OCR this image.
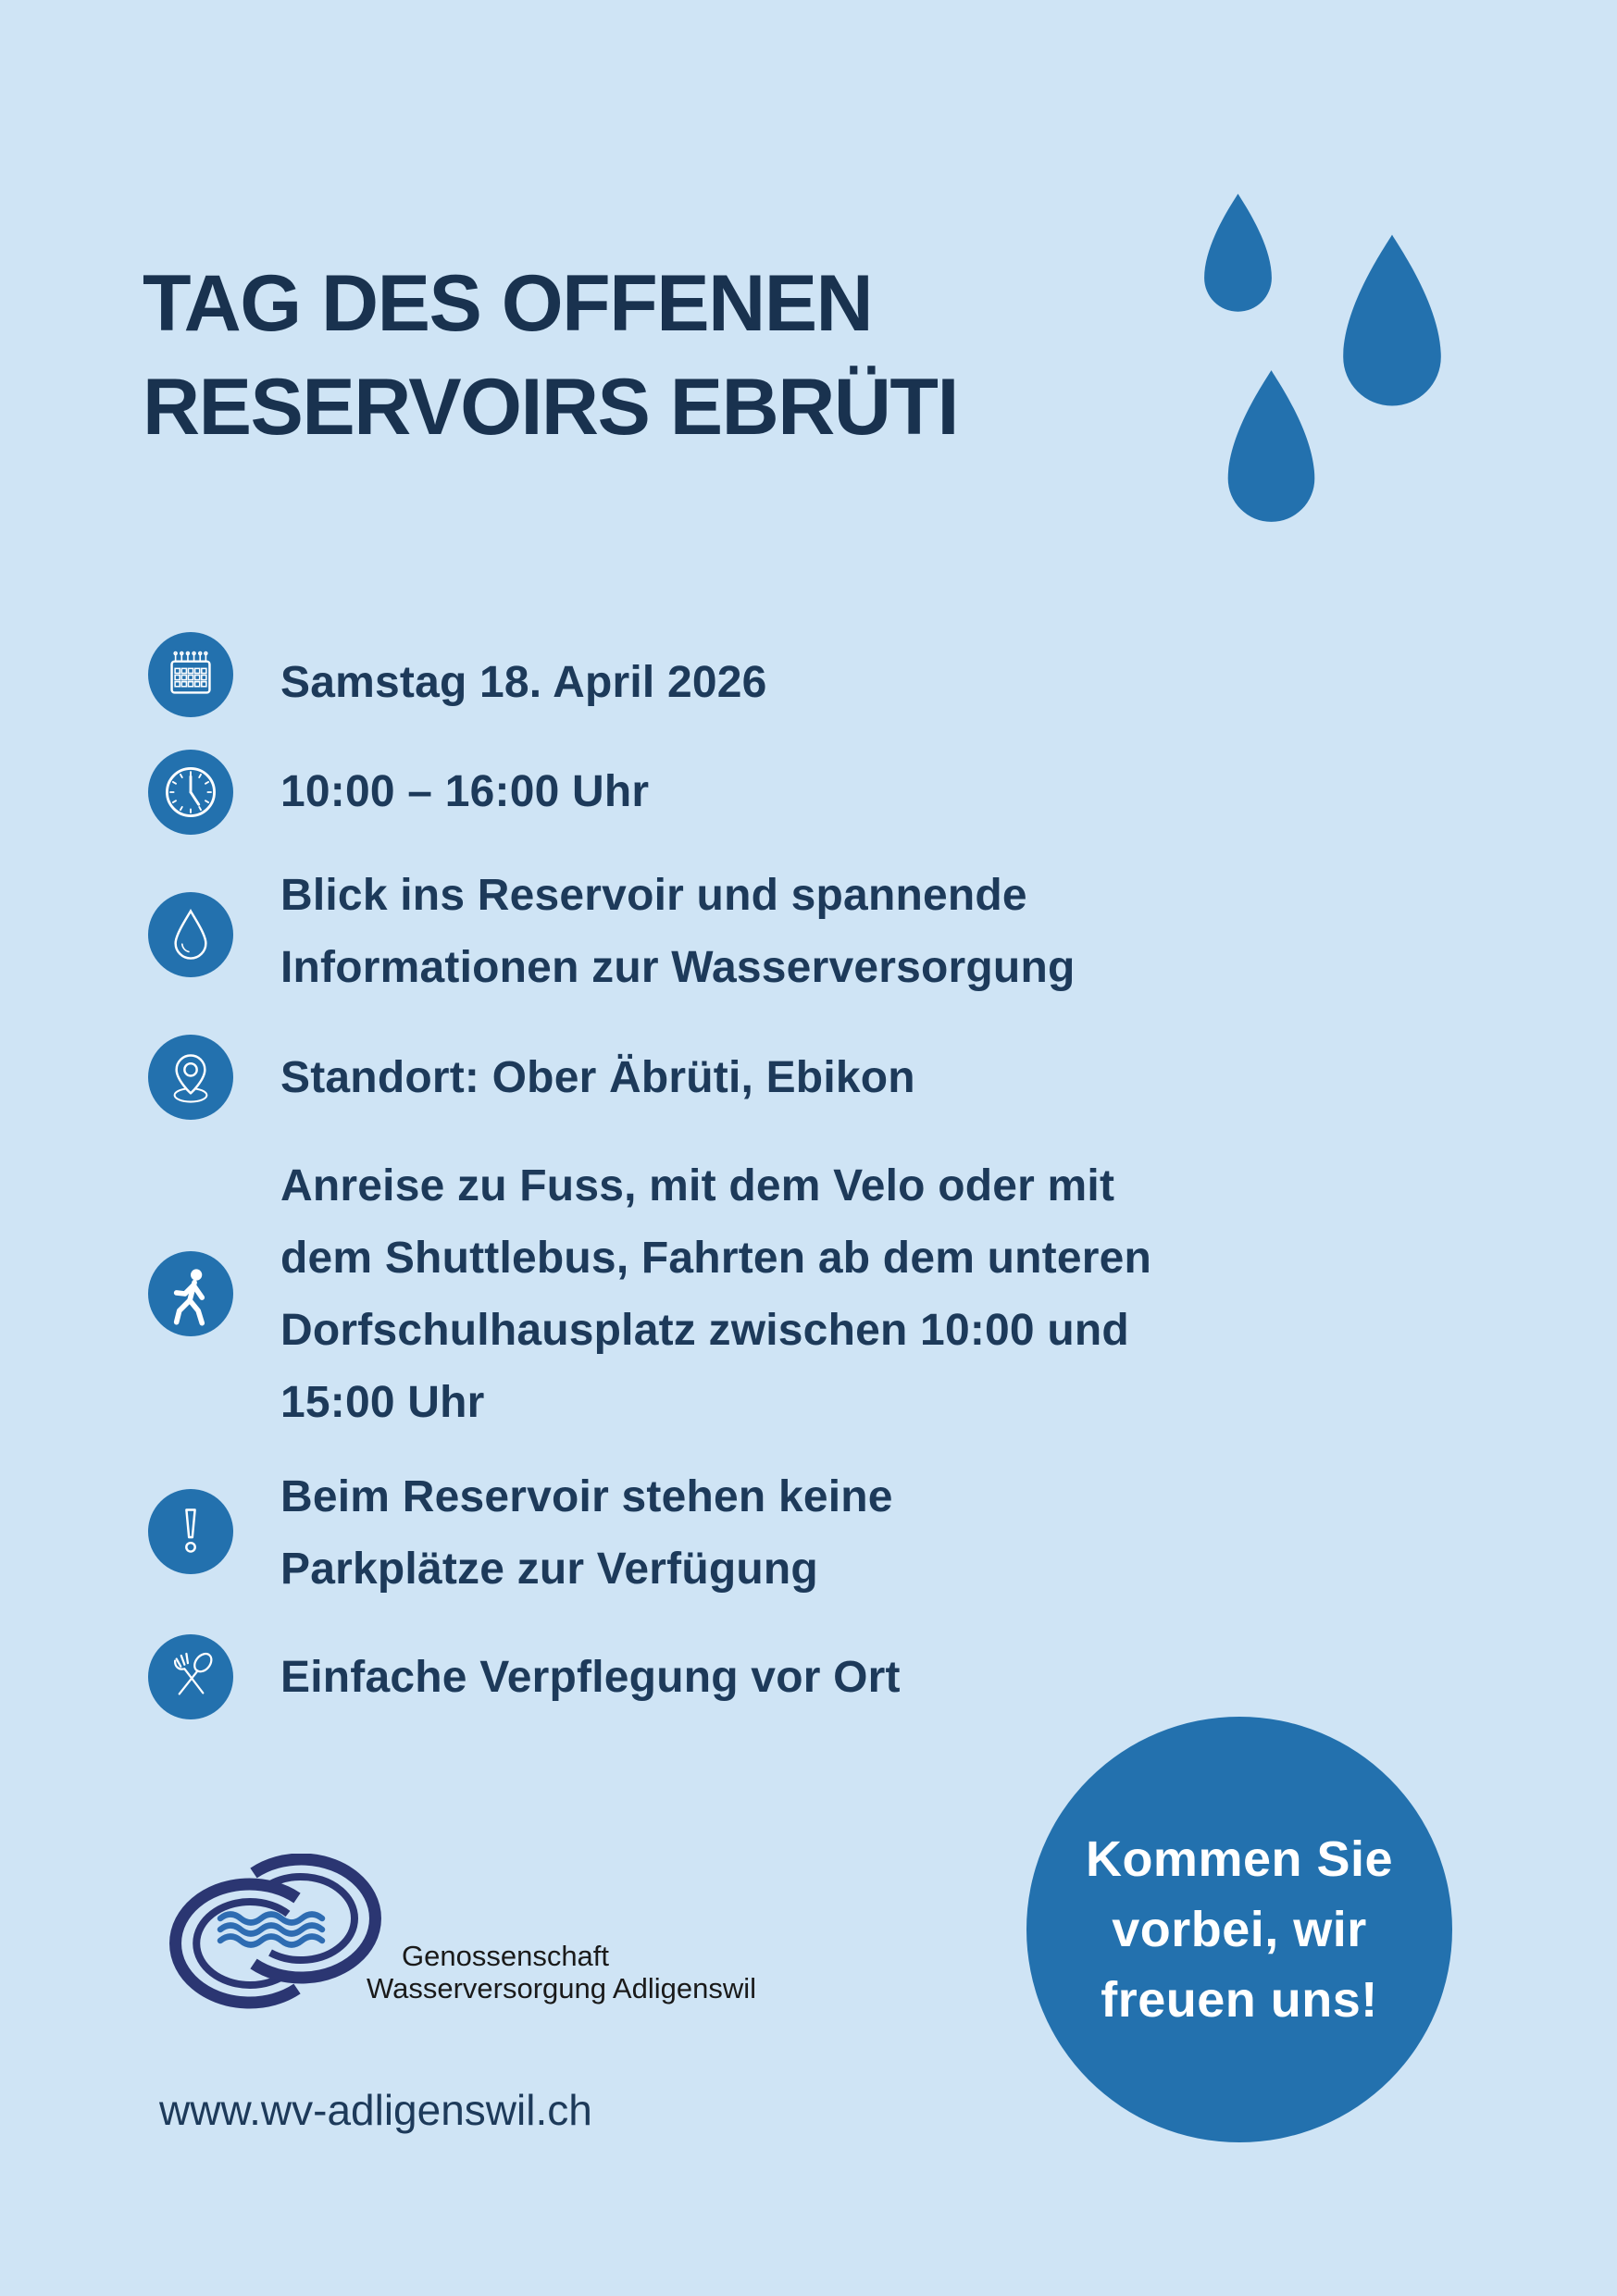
TAG DES OFFENEN
RESERVOIRS EBRÜTI
Samstag 18. April 2026
10:00 – 16:00 Uhr
Blick ins Reservoir und spannende
Informationen zur Wasserversorgung
Standort: Ober Äbrüti, Ebikon
Anreise zu Fuss, mit dem Velo oder mit
dem Shuttlebus, Fahrten ab dem unteren
Dorfschulhausplatz zwischen 10:00 und
15:00 Uhr
Beim Reservoir stehen keine
Parkplätze zur Verfügung
Einfache Verpflegung vor Ort
Kommen Sie
vorbei, wir
freuen uns!
Genossenschaft
Wasserversorgung Adligenswil
www.wv-adligenswil.ch
